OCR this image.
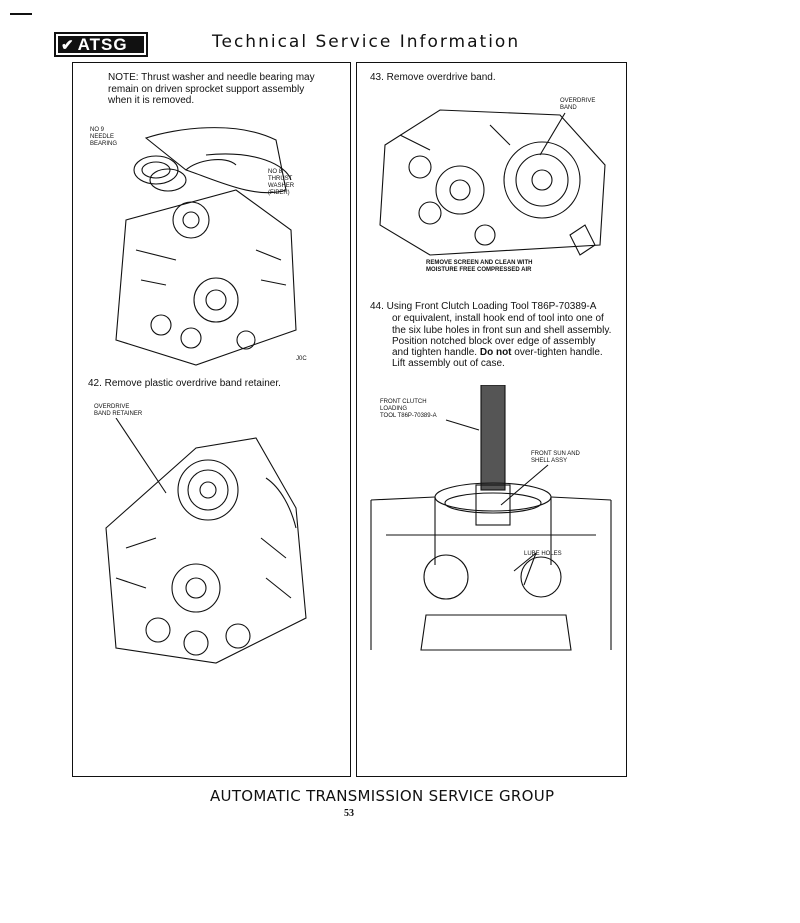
✔ ATSG	Technical Service Information
NOTE: Thrust washer and needle bearing may remain on driven sprocket support assembly when it is removed.
NO 9
NEEDLE
BEARING
NO 8
THRUST
WASHER
(FIBER)
J0C
42. Remove plastic overdrive band retainer.
OVERDRIVE
BAND RETAINER
43. Remove overdrive band.
OVERDRIVE
BAND
REMOVE SCREEN AND CLEAN WITH
MOISTURE FREE COMPRESSED AIR
44. Using Front Clutch Loading Tool T86P-70389-A
or equivalent, install hook end of tool into one of
the six lube holes in front sun and shell assembly.
Position notched block over edge of assembly
and tighten handle. Do not over-tighten handle.
Lift assembly out of case.
FRONT CLUTCH
LOADING
TOOL T86P-70389-A
FRONT SUN AND
SHELL ASSY
LUBE HOLES
AUTOMATIC TRANSMISSION SERVICE GROUP
53
